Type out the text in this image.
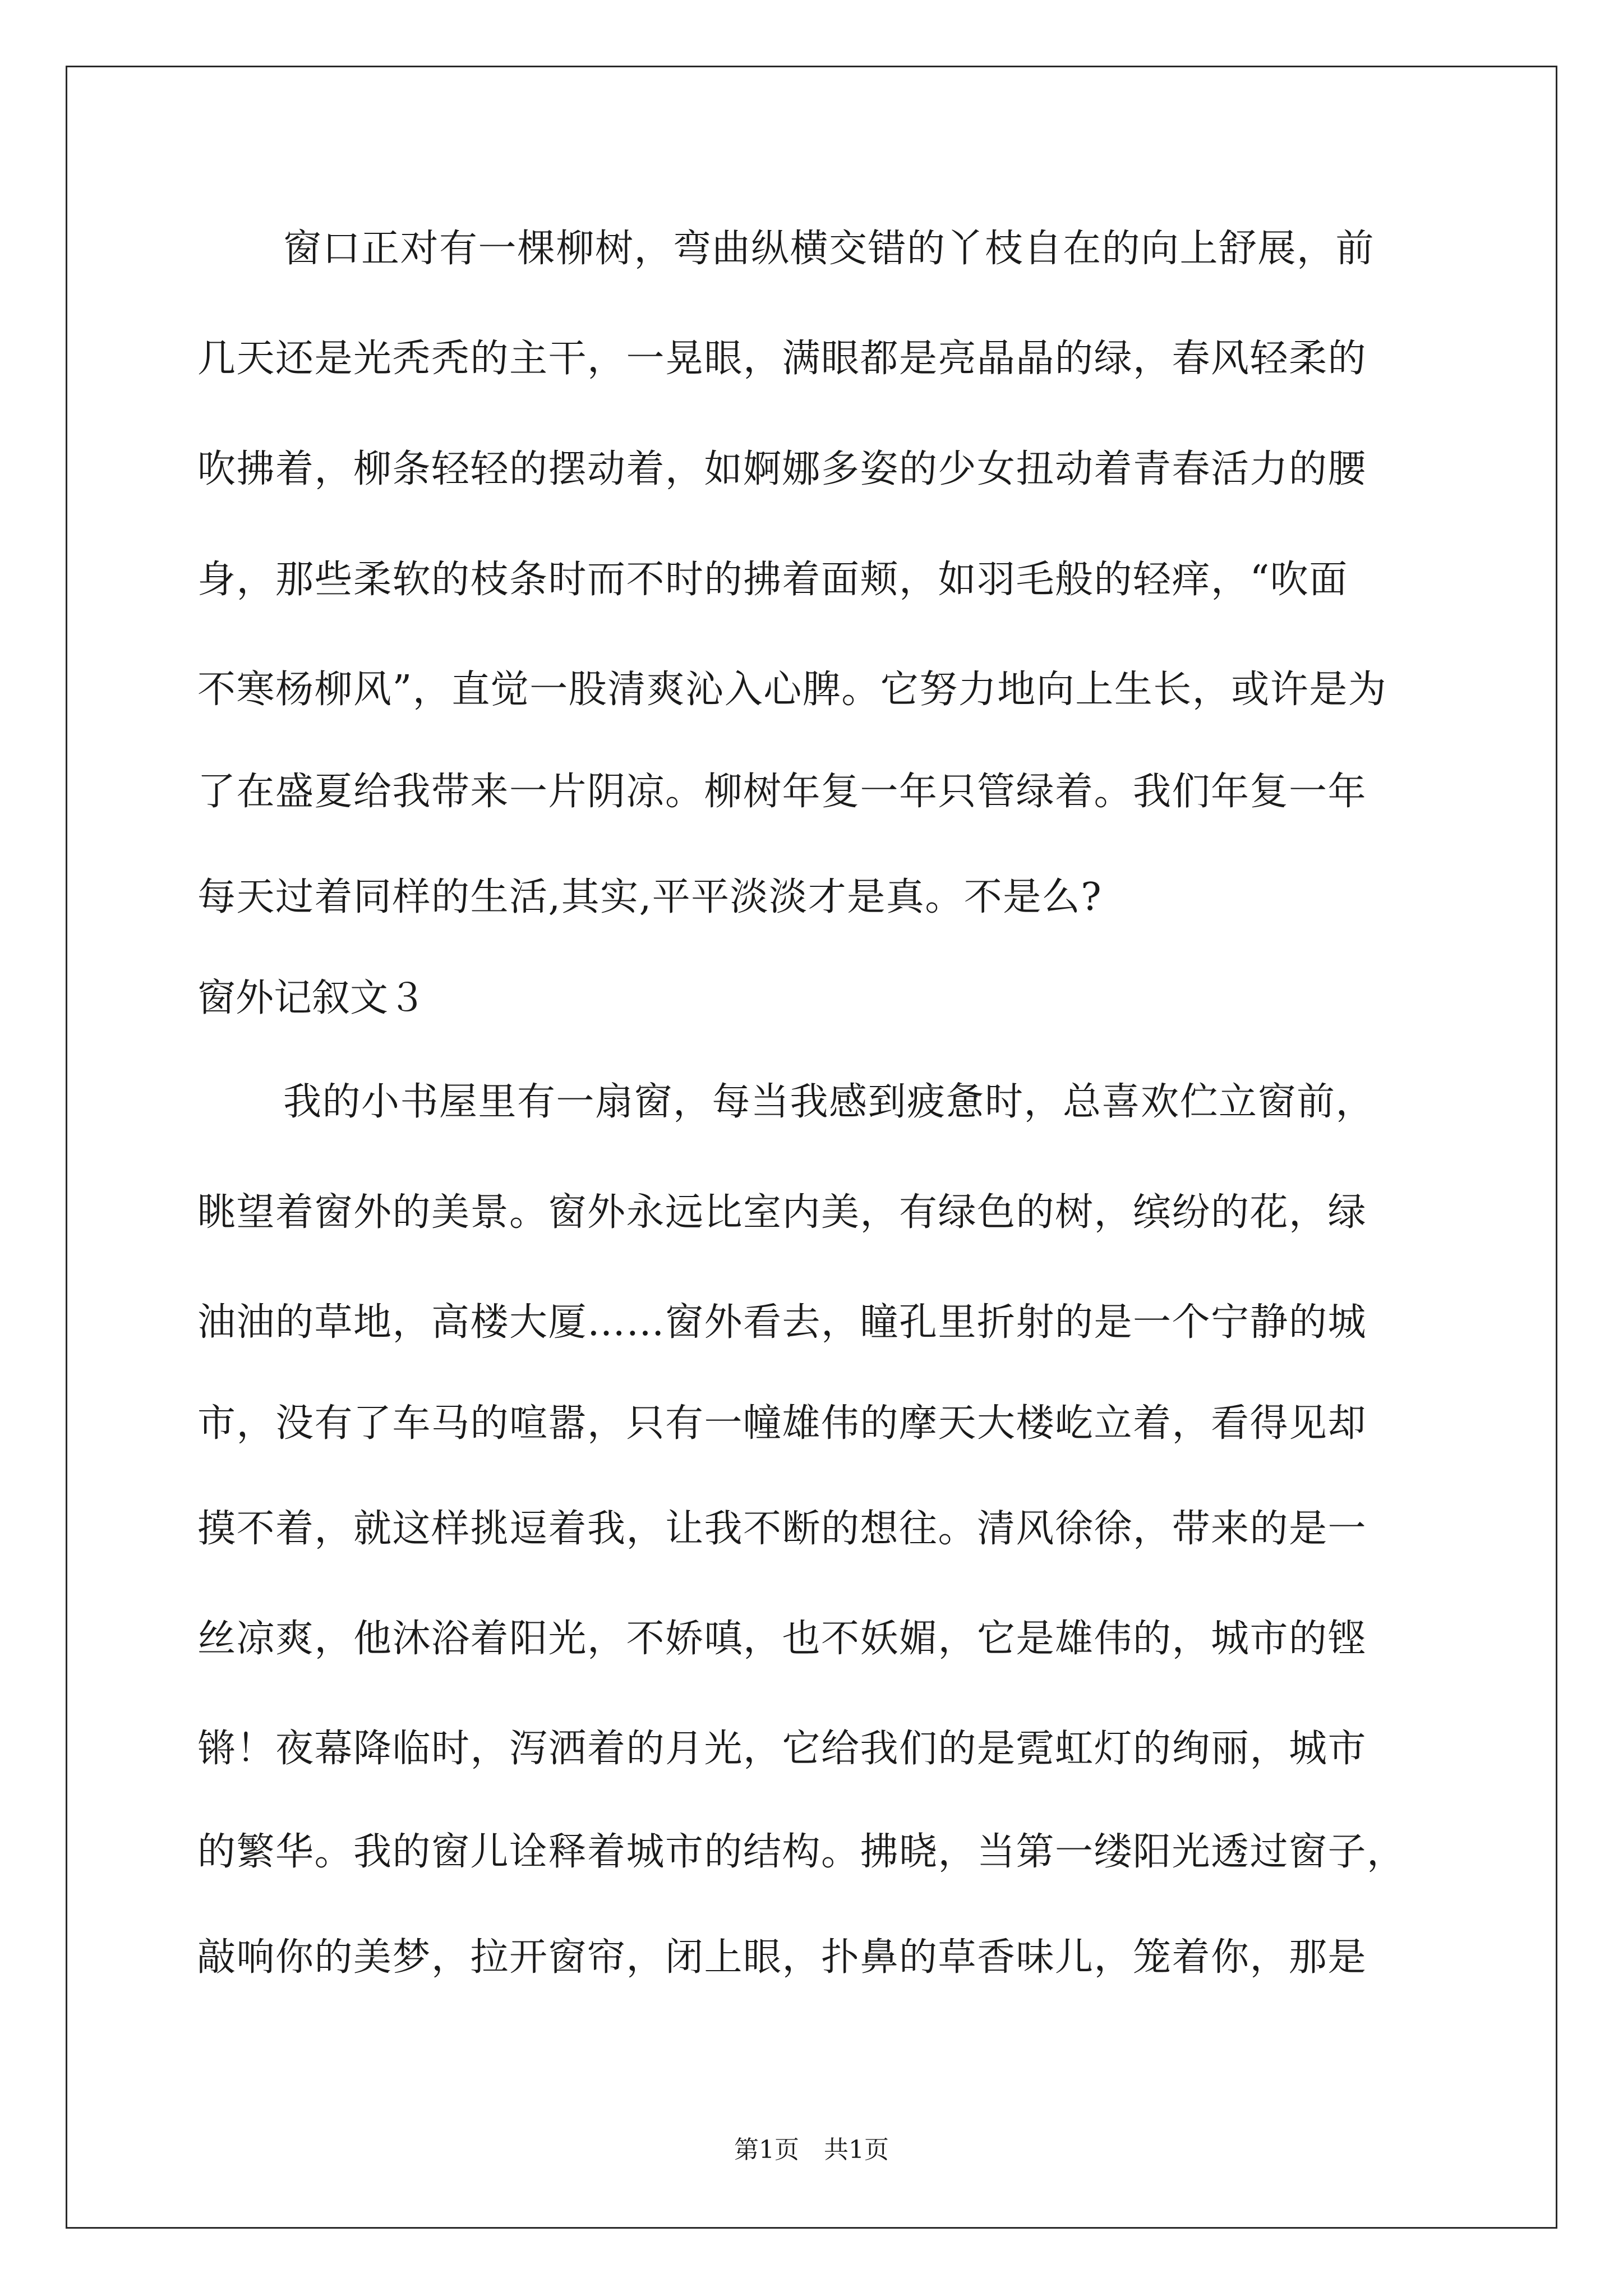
窗口正对有一棵柳树，弯曲纵横交错的丫枝自在的向上舒展，前
几天还是光秃秃的主干，一晃眼，满眼都是亮晶晶的绿，春风轻柔的
吹拂着，柳条轻轻的摆动着，如婀娜多姿的少女扭动着青春活力的腰
身，那些柔软的枝条时而不时的拂着面颊，如羽毛般的轻痒，“吹面
不寒杨柳风”，直觉一股清爽沁入心脾。它努力地向上生长，或许是为
了在盛夏给我带来一片阴凉。柳树年复一年只管绿着。我们年复一年
每天过着同样的生活,其实,平平淡淡才是真。不是么?
窗外记叙文３
我的小书屋里有一扇窗，每当我感到疲惫时，总喜欢伫立窗前，
眺望着窗外的美景。窗外永远比室内美，有绿色的树，缤纷的花，绿
油油的草地，高楼大厦……窗外看去，瞳孔里折射的是一个宁静的城
市，没有了车马的喧嚣，只有一幢雄伟的摩天大楼屹立着，看得见却
摸不着，就这样挑逗着我，让我不断的想往。清风徐徐，带来的是一
丝凉爽，他沐浴着阳光，不娇嗔，也不妖媚，它是雄伟的，城市的铿
锵！夜幕降临时，泻洒着的月光，它给我们的是霓虹灯的绚丽，城市
的繁华。我的窗儿诠释着城市的结构。拂晓，当第一缕阳光透过窗子，
敲响你的美梦，拉开窗帘，闭上眼，扑鼻的草香味儿，笼着你，那是
第1页　共1页
